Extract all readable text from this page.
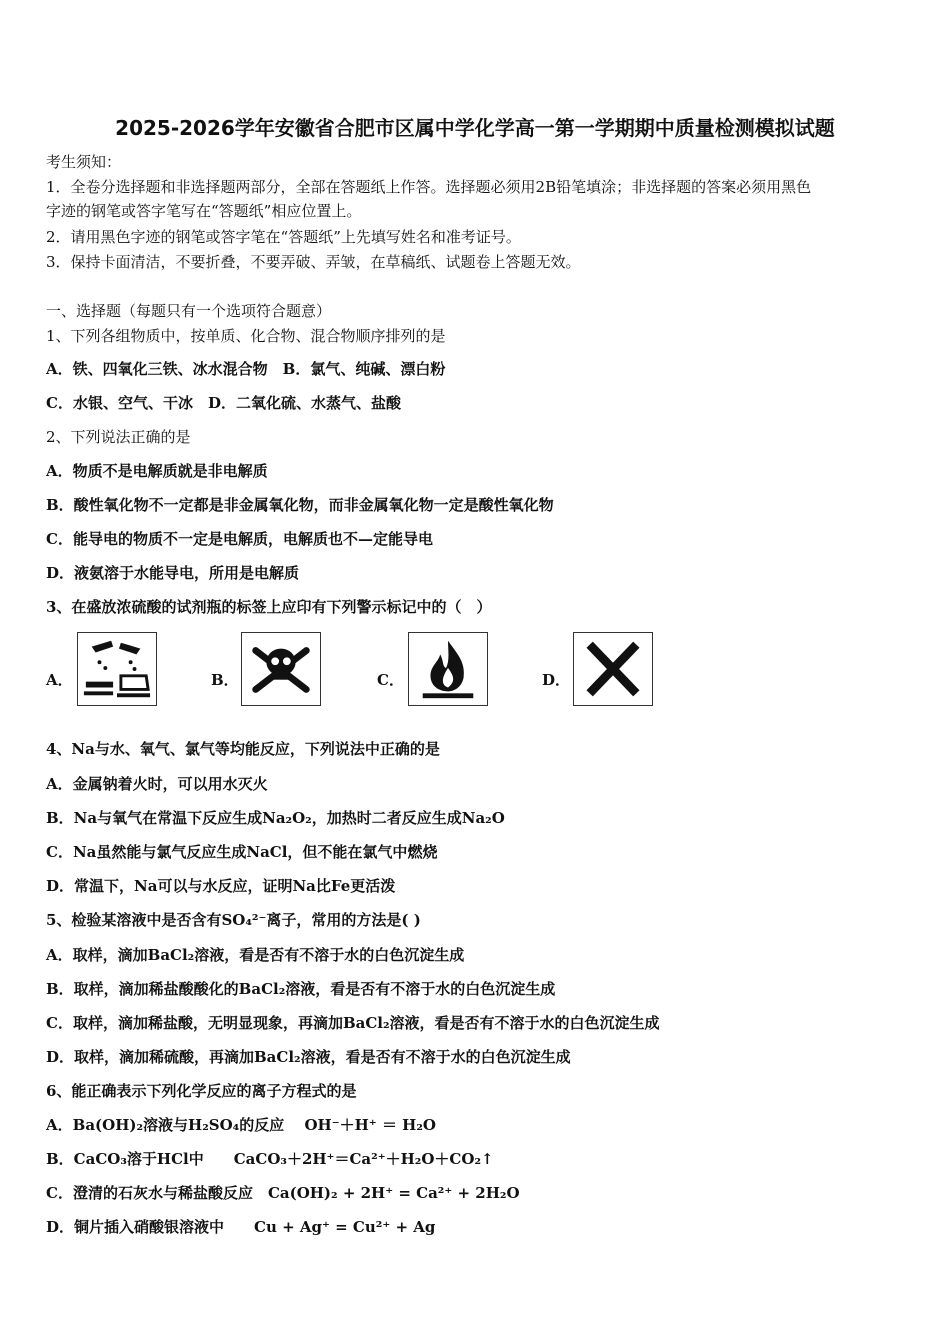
2025-2026学年安徽省合肥市区属中学化学高一第一学期期中质量检测模拟试题
考生须知：
1．全卷分选择题和非选择题两部分，全部在答题纸上作答。选择题必须用2B铅笔填涂；非选择题的答案必须用黑色
字迹的钢笔或答字笔写在“答题纸”相应位置上。
2．请用黑色字迹的钢笔或答字笔在“答题纸”上先填写姓名和准考证号。
3．保持卡面清洁，不要折叠，不要弄破、弄皱，在草稿纸、试题卷上答题无效。
一、选择题（每题只有一个选项符合题意）
1、下列各组物质中，按单质、化合物、混合物顺序排列的是
A．铁、四氧化三铁、冰水混合物　B．氯气、纯碱、漂白粉
C．水银、空气、干冰　D．二氧化硫、水蒸气、盐酸
2、下列说法正确的是
A．物质不是电解质就是非电解质
B．酸性氧化物不一定都是非金属氧化物，而非金属氧化物一定是酸性氧化物
C．能导电的物质不一定是电解质，电解质也不—定能导电
D．液氨溶于水能导电，所用是电解质
3、在盛放浓硫酸的试剂瓶的标签上应印有下列警示标记中的（　）
A．	B．	C．	D．
4、Na与水、氧气、氯气等均能反应，下列说法中正确的是
A．金属钠着火时，可以用水灭火
B．Na与氧气在常温下反应生成Na₂O₂，加热时二者反应生成Na₂O
C．Na虽然能与氯气反应生成NaCl，但不能在氯气中燃烧
D．常温下，Na可以与水反应，证明Na比Fe更活泼
5、检验某溶液中是否含有SO₄²⁻离子，常用的方法是( )
A．取样，滴加BaCl₂溶液，看是否有不溶于水的白色沉淀生成
B．取样，滴加稀盐酸酸化的BaCl₂溶液，看是否有不溶于水的白色沉淀生成
C．取样，滴加稀盐酸，无明显现象，再滴加BaCl₂溶液，看是否有不溶于水的白色沉淀生成
D．取样，滴加稀硫酸，再滴加BaCl₂溶液，看是否有不溶于水的白色沉淀生成
6、能正确表示下列化学反应的离子方程式的是
A．Ba(OH)₂溶液与H₂SO₄的反应　 OH⁻＋H⁺ ＝ H₂O
B．CaCO₃溶于HCl中　　CaCO₃＋2H⁺＝Ca²⁺＋H₂O＋CO₂↑
C．澄清的石灰水与稀盐酸反应　Ca(OH)₂ + 2H⁺ = Ca²⁺ + 2H₂O
D．铜片插入硝酸银溶液中　　Cu + Ag⁺ = Cu²⁺ + Ag
